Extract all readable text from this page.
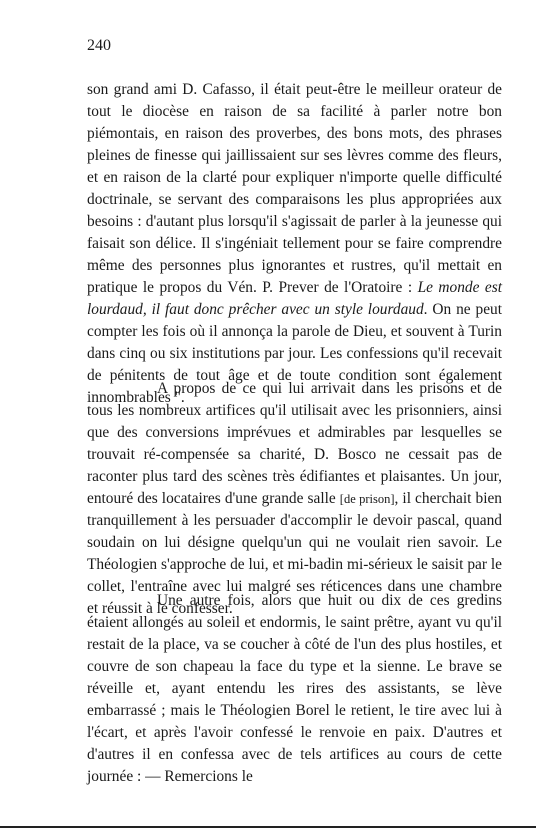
240

son grand ami D. Cafasso, il était peut-être le meilleur orateur de tout le diocèse en raison de sa facilité à parler notre bon piémontais, en raison des proverbes, des bons mots, des phrases pleines de finesse qui jaillissaient sur ses lèvres comme des fleurs, et en raison de la clarté pour expliquer n'importe quelle difficulté doctrinale, se servant des comparaisons les plus appropriées aux besoins : d'autant plus lorsqu'il s'agissait de parler à la jeunesse qui faisait son délice. Il s'ingéniait tellement pour se faire comprendre même des personnes plus ignorantes et rustres, qu'il mettait en pratique le propos du Vén. P. Prever de l'Oratoire : Le monde est lourdaud, il faut donc prêcher avec un style lourdaud. On ne peut compter les fois où il annonça la parole de Dieu, et souvent à Turin dans cinq ou six institutions par jour. Les confessions qu'il recevait de pénitents de tout âge et de toute condition sont également innombrables ".

A propos de ce qui lui arrivait dans les prisons et de tous les nombreux artifices qu'il utilisait avec les prisonniers, ainsi que des conversions imprévues et admirables par lesquelles se trouvait ré-compensée sa charité, D. Bosco ne cessait pas de raconter plus tard des scènes très édifiantes et plaisantes. Un jour, entouré des locataires d'une grande salle [de prison], il cherchait bien tranquillement à les persuader d'accomplir le devoir pascal, quand soudain on lui désigne quelqu'un qui ne voulait rien savoir. Le Théologien s'approche de lui, et mi-badin mi-sérieux le saisit par le collet, l'entraîne avec lui malgré ses réticences dans une chambre et réussit à le confesser.

Une autre fois, alors que huit ou dix de ces gredins étaient allongés au soleil et endormis, le saint prêtre, ayant vu qu'il restait de la place, va se coucher à côté de l'un des plus hostiles, et couvre de son chapeau la face du type et la sienne. Le brave se réveille et, ayant entendu les rires des assistants, se lève embarrassé ; mais le Théologien Borel le retient, le tire avec lui à l'écart, et après l'avoir confessé le renvoie en paix. D'autres et d'autres il en confessa avec de tels artifices au cours de cette journée : — Remercions le
